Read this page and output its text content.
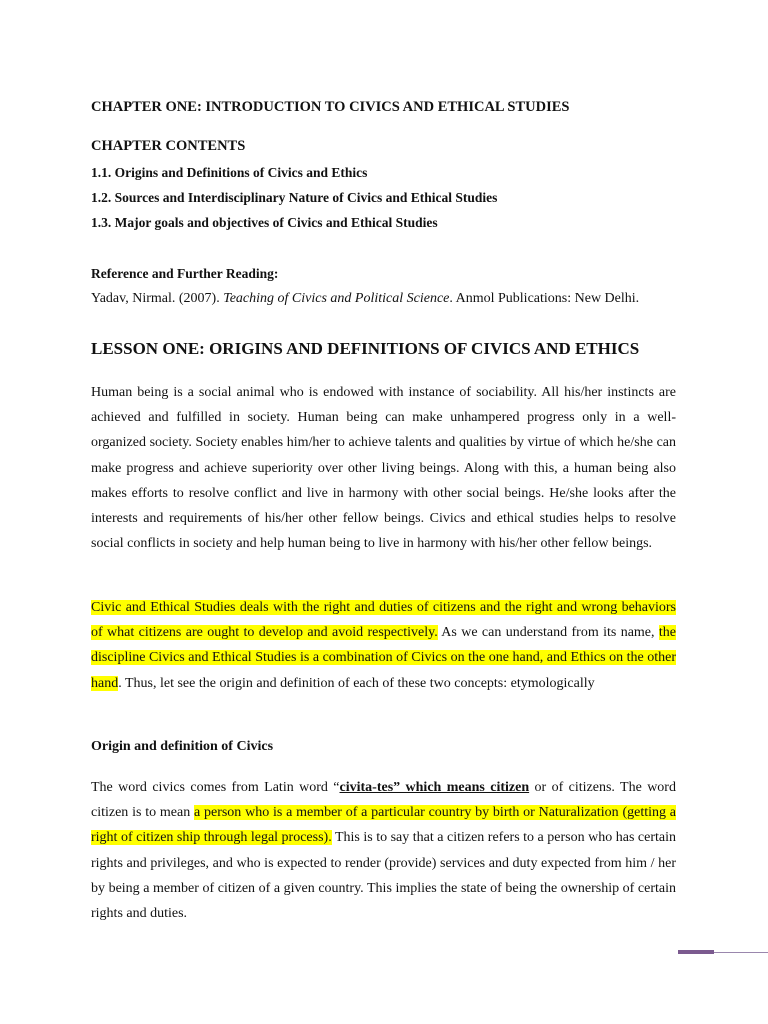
CHAPTER ONE: INTRODUCTION TO CIVICS AND ETHICAL STUDIES
CHAPTER CONTENTS
1.1. Origins and Definitions of Civics and Ethics
1.2. Sources and Interdisciplinary Nature of Civics and Ethical Studies
1.3. Major goals and objectives of Civics and Ethical Studies
Reference and Further Reading:
Yadav, Nirmal. (2007). Teaching of Civics and Political Science. Anmol Publications: New Delhi.
LESSON ONE: ORIGINS AND DEFINITIONS OF CIVICS AND ETHICS

Human being is a social animal who is endowed with instance of sociability. All his/her instincts are achieved and fulfilled in society. Human being can make unhampered progress only in a well- organized society. Society enables him/her to achieve talents and qualities by virtue of which he/she can make progress and achieve superiority over other living beings. Along with this, a human being also makes efforts to resolve conflict and live in harmony with other social beings. He/she looks after the interests and requirements of his/her other fellow beings. Civics and ethical studies helps to resolve social conflicts in society and help human being to live in harmony with his/her other fellow beings.

Civic and Ethical Studies deals with the right and duties of citizens and the right and wrong behaviors of what citizens are ought to develop and avoid respectively. As we can understand from its name, the discipline Civics and Ethical Studies is a combination of Civics on the one hand, and Ethics on the other hand. Thus, let see the origin and definition of each of these two concepts: etymologically

Origin and definition of Civics

The word civics comes from Latin word “civita-tes” which means citizen or of citizens. The word citizen is to mean a person who is a member of a particular country by birth or Naturalization (getting a right of citizen ship through legal process). This is to say that a citizen refers to a person who has certain rights and privileges, and who is expected to render (provide) services and duty expected from him / her by being a member of citizen of a given country. This implies the state of being the ownership of certain rights and duties.
